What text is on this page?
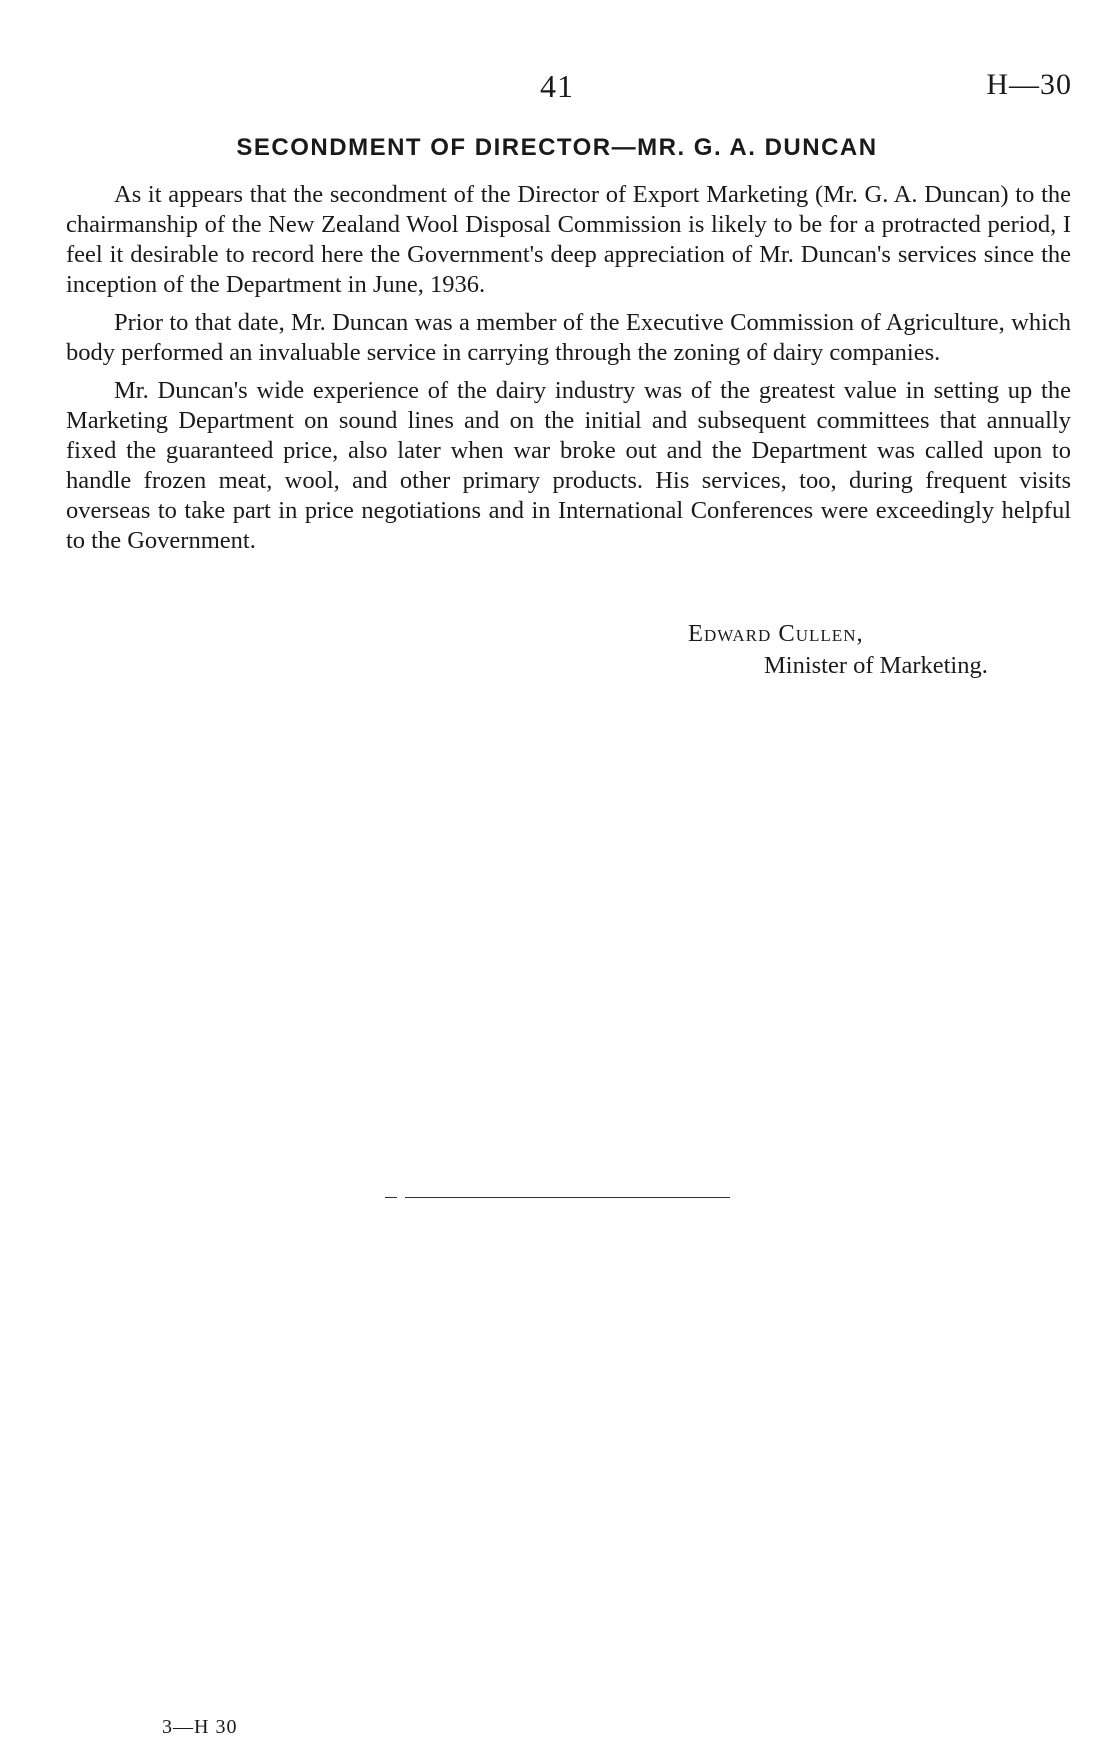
41	H—30
SECONDMENT OF DIRECTOR—MR. G. A. DUNCAN

As it appears that the secondment of the Director of Export Marketing (Mr. G. A. Duncan) to the chairmanship of the New Zealand Wool Disposal Commission is likely to be for a protracted period, I feel it desirable to record here the Government's deep appreciation of Mr. Duncan's services since the inception of the Department in June, 1936.

Prior to that date, Mr. Duncan was a member of the Executive Commission of Agriculture, which body performed an invaluable service in carrying through the zoning of dairy companies.

Mr. Duncan's wide experience of the dairy industry was of the greatest value in setting up the Marketing Department on sound lines and on the initial and subsequent committees that annually fixed the guaranteed price, also later when war broke out and the Department was called upon to handle frozen meat, wool, and other primary products. His services, too, during frequent visits overseas to take part in price negotiations and in International Conferences were exceedingly helpful to the Government.

Edward Cullen,
Minister of Marketing.
3—H 30
